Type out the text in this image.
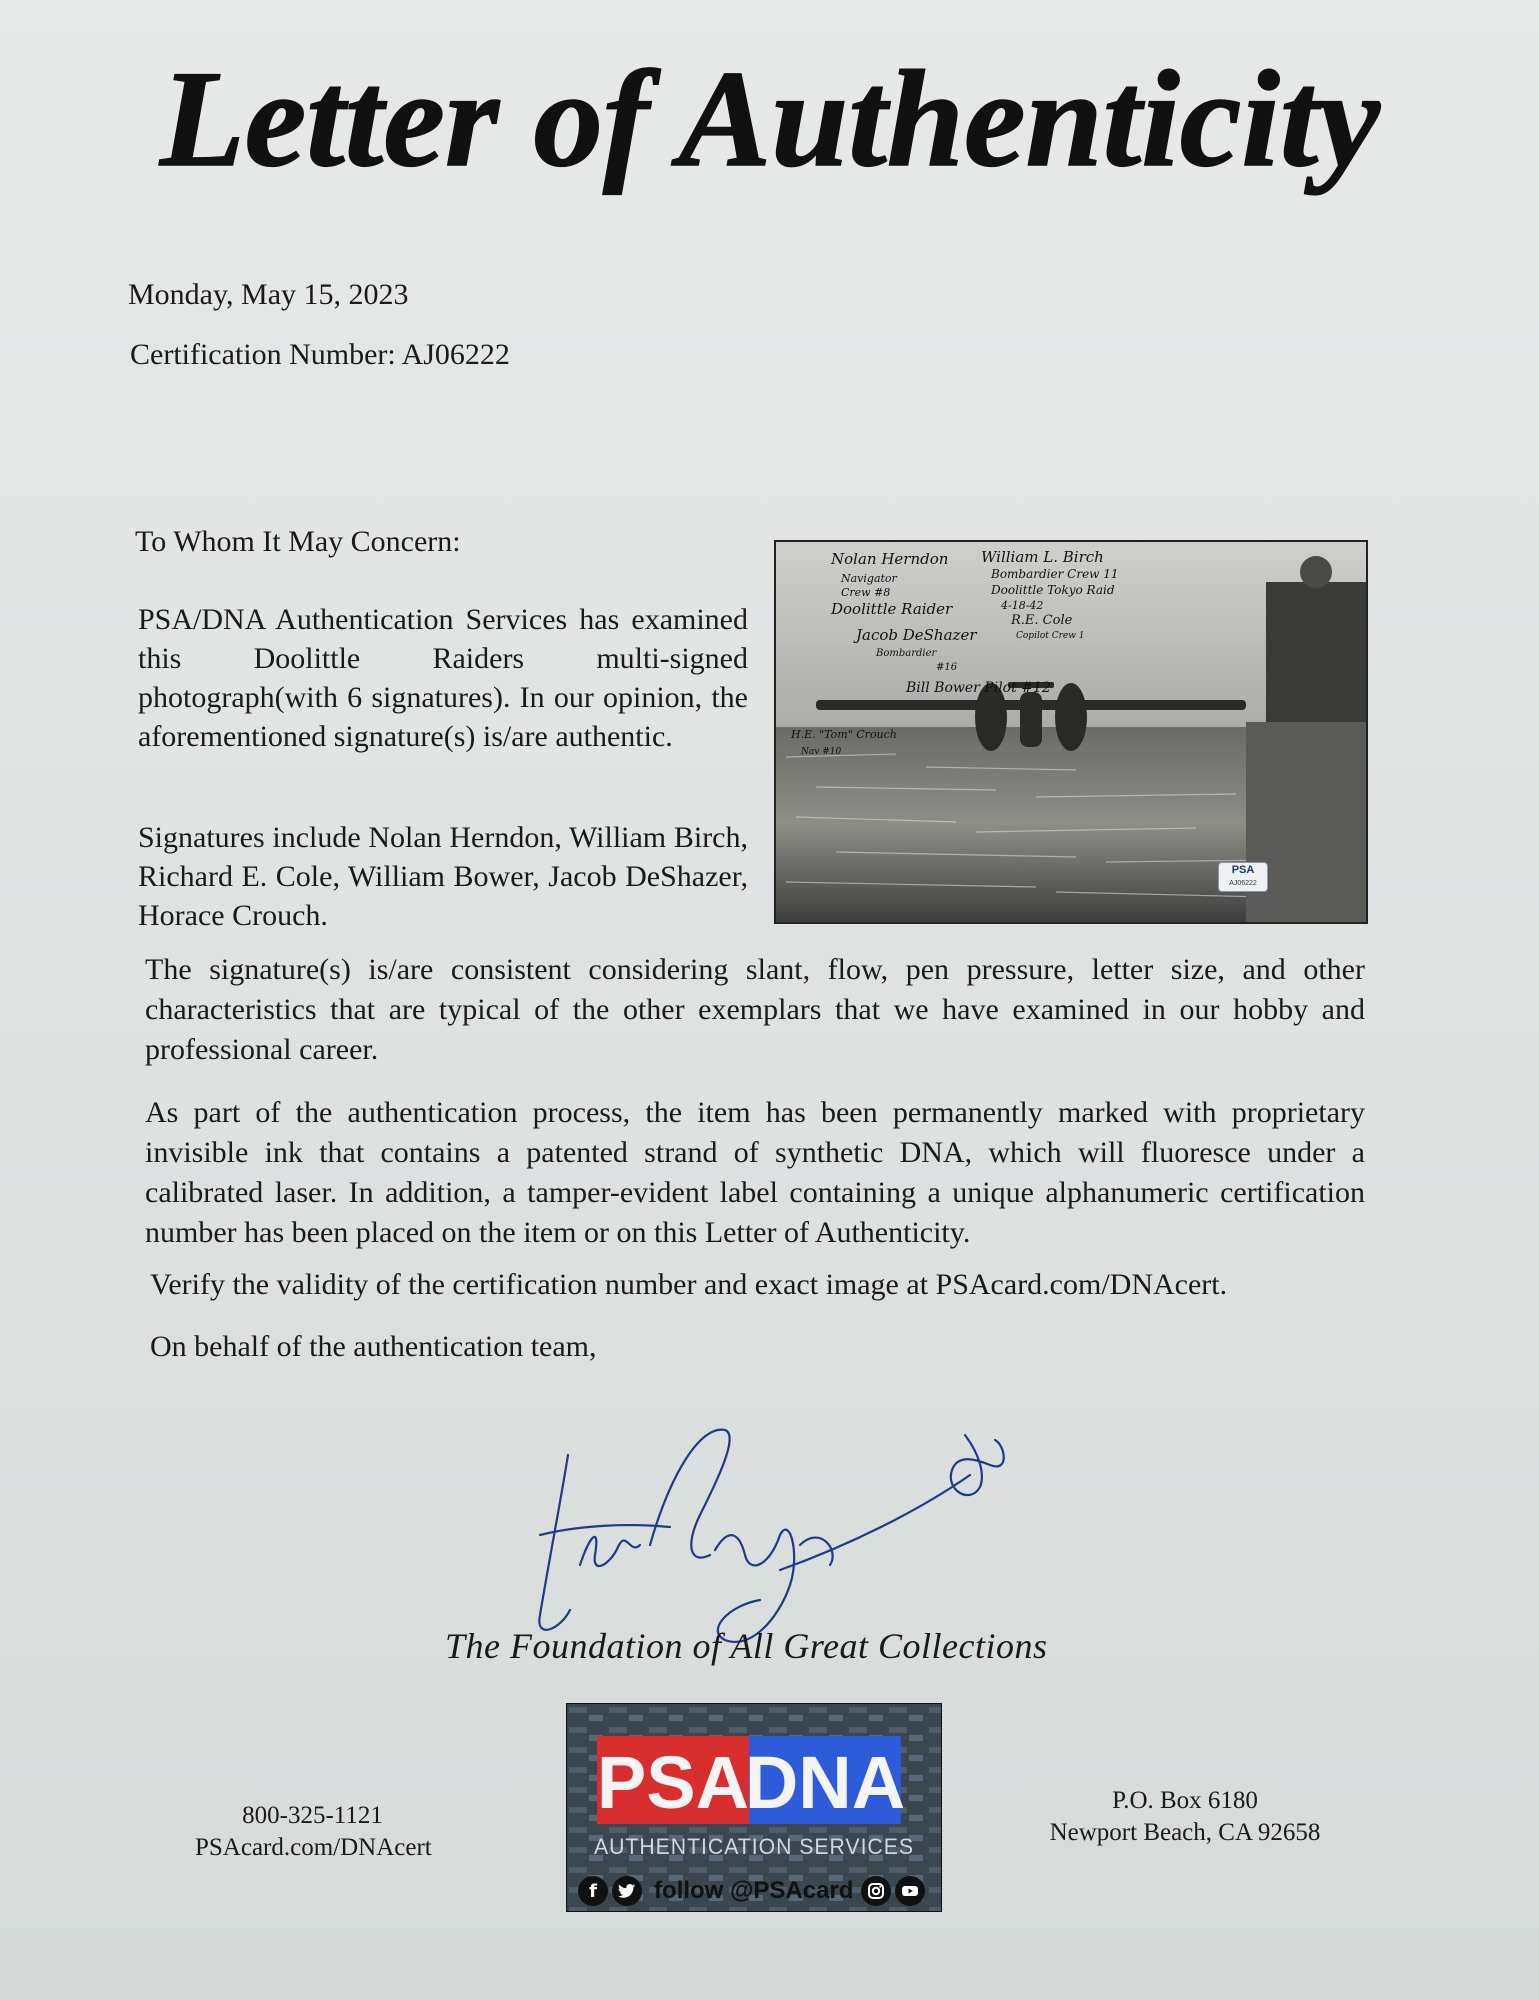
Letter of Authenticity
Monday, May 15, 2023
Certification Number: AJ06222
To Whom It May Concern:

PSA/DNA Authentication Services has examined this Doolittle Raiders multi-signed photograph(with 6 signatures). In our opinion, the aforementioned signature(s) is/are authentic.

Signatures include Nolan Herndon, William Birch, Richard E. Cole, William Bower, Jacob DeShazer, Horace Crouch.

Nolan Herndon
Navigator
Crew #8
Doolittle Raider
William L. Birch
Bombardier Crew 11
Doolittle Tokyo Raid
4-18-42
R.E. Cole
Copilot Crew 1
Jacob DeShazer
Bombardier
#16
Bill Bower Pilot #12
H.E. "Tom" Crouch
Nav #10
PSA
AJ06222

The signature(s) is/are consistent considering slant, flow, pen pressure, letter size, and other characteristics that are typical of the other exemplars that we have examined in our hobby and professional career.

As part of the authentication process, the item has been permanently marked with proprietary invisible ink that contains a patented strand of synthetic DNA, which will fluoresce under a calibrated laser. In addition, a tamper-evident label containing a unique alphanumeric certification number has been placed on the item or on this Letter of Authenticity.

Verify the validity of the certification number and exact image at PSAcard.com/DNAcert.

On behalf of the authentication team,

The Foundation of All Great Collections
PSA
DNA
AUTHENTICATION SERVICES
800-325-1121
PSAcard.com/DNAcert
P.O. Box 6180
Newport Beach, CA 92658
f	follow @PSAcard
